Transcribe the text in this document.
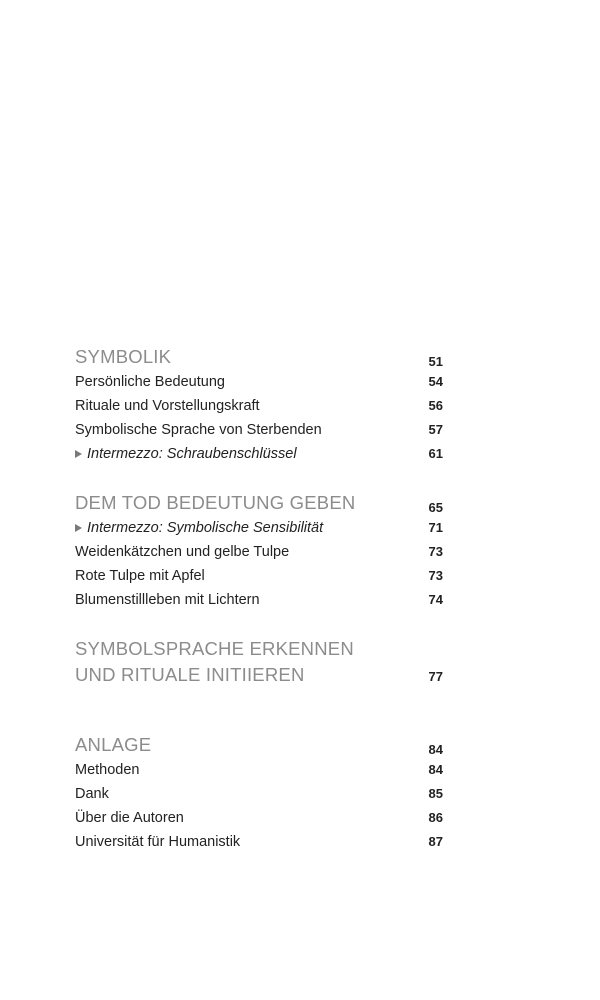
SYMBOLIK	51
Persönliche Bedeutung	54
Rituale und Vorstellungskraft	56
Symbolische Sprache von Sterbenden	57
Intermezzo: Schraubenschlüssel	61
DEM TOD BEDEUTUNG GEBEN	65
Intermezzo: Symbolische Sensibilität	71
Weidenkätzchen und gelbe Tulpe	73
Rote Tulpe mit Apfel	73
Blumenstillleben mit Lichtern	74
SYMBOLSPRACHE ERKENNEN
UND RITUALE INITIIEREN	77
ANLAGE	84
Methoden	84
Dank	85
Über die Autoren	86
Universität für Humanistik	87
